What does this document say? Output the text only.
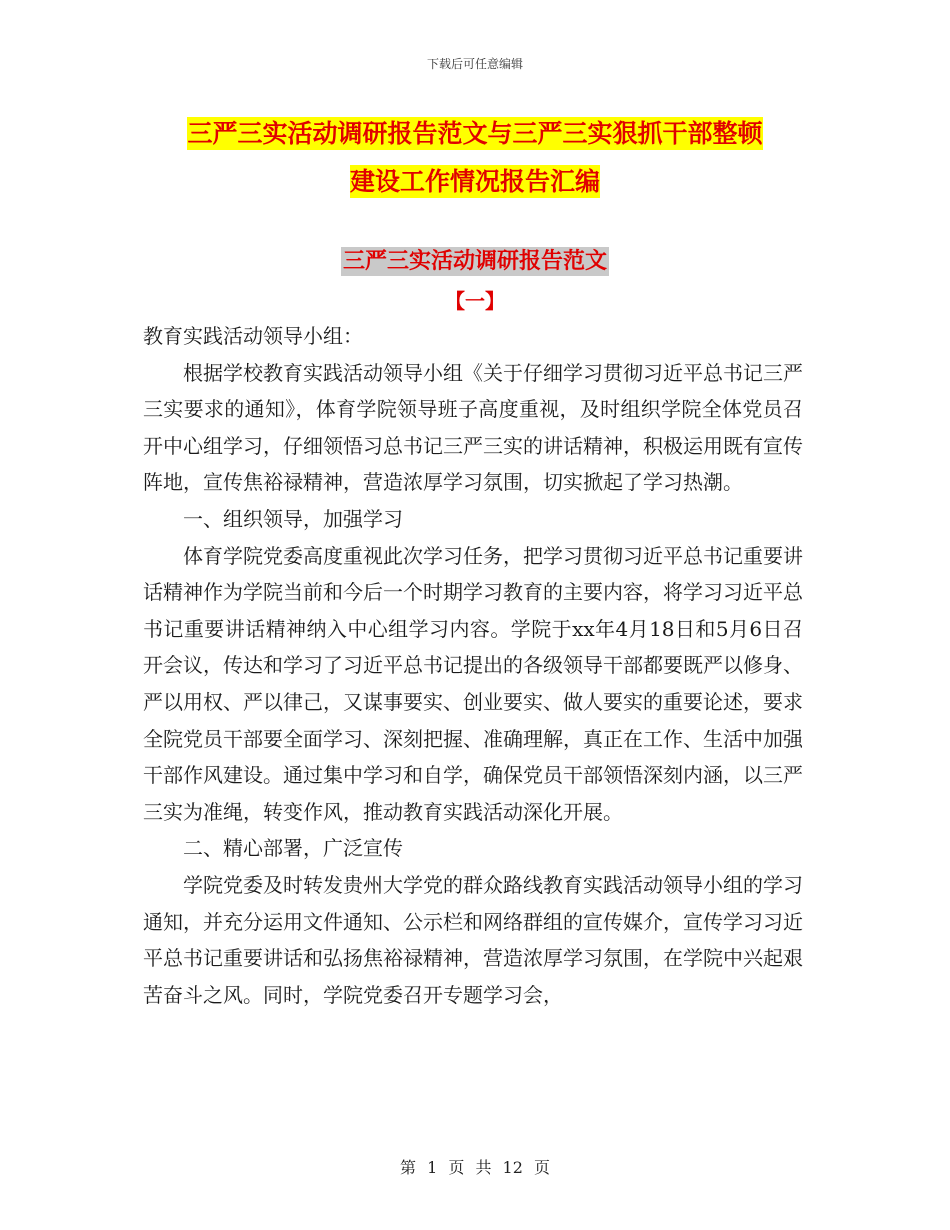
下载后可任意编辑
三严三实活动调研报告范文与三严三实狠抓干部整顿
建设工作情况报告汇编
三严三实活动调研报告范文
【一】

教育实践活动领导小组：

根据学校教育实践活动领导小组《关于仔细学习贯彻习近平总书记三严三实要求的通知》，体育学院领导班子高度重视，及时组织学院全体党员召开中心组学习，仔细领悟习总书记三严三实的讲话精神，积极运用既有宣传阵地，宣传焦裕禄精神，营造浓厚学习氛围，切实掀起了学习热潮。

一、组织领导，加强学习

体育学院党委高度重视此次学习任务，把学习贯彻习近平总书记重要讲话精神作为学院当前和今后一个时期学习教育的主要内容，将学习习近平总书记重要讲话精神纳入中心组学习内容。学院于xx年4月18日和5月6日召开会议，传达和学习了习近平总书记提出的各级领导干部都要既严以修身、严以用权、严以律己，又谋事要实、创业要实、做人要实的重要论述，要求全院党员干部要全面学习、深刻把握、准确理解，真正在工作、生活中加强干部作风建设。通过集中学习和自学，确保党员干部领悟深刻内涵，以三严三实为准绳，转变作风，推动教育实践活动深化开展。

二、精心部署，广泛宣传

学院党委及时转发贵州大学党的群众路线教育实践活动领导小组的学习通知，并充分运用文件通知、公示栏和网络群组的宣传媒介，宣传学习习近平总书记重要讲话和弘扬焦裕禄精神，营造浓厚学习氛围，在学院中兴起艰苦奋斗之风。同时，学院党委召开专题学习会，

第 1 页 共 12 页
